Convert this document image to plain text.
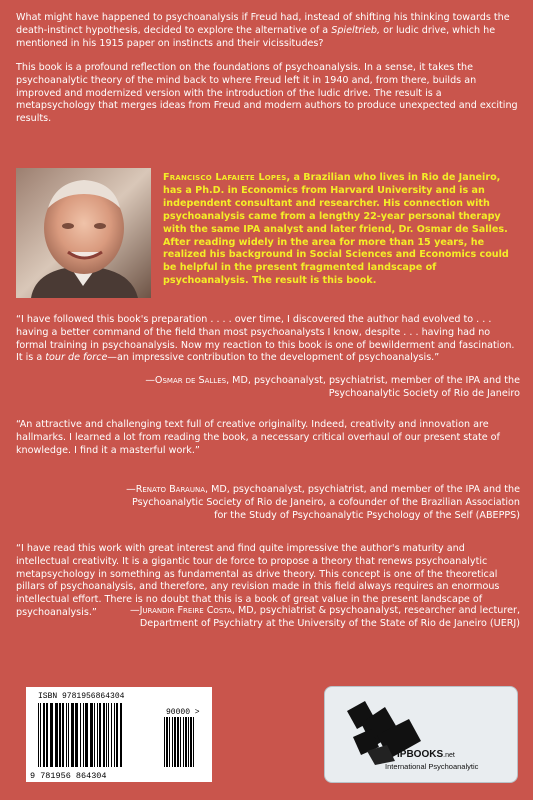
What might have happened to psychoanalysis if Freud had, instead of shifting his thinking towards the death-instinct hypothesis, decided to explore the alternative of a Spieltrieb, or ludic drive, which he mentioned in his 1915 paper on instincts and their vicissitudes?

This book is a profound reflection on the foundations of psychoanalysis. In a sense, it takes the psychoanalytic theory of the mind back to where Freud left it in 1940 and, from there, builds an improved and modernized version with the introduction of the ludic drive. The result is a metapsychology that merges ideas from Freud and modern authors to produce unexpected and exciting results.

Francisco Lafaiete Lopes, a Brazilian who lives in Rio de Janeiro, has a Ph.D. in Economics from Harvard University and is an independent consultant and researcher. His connection with psychoanalysis came from a lengthy 22-year personal therapy with the same IPA analyst and later friend, Dr. Osmar de Salles. After reading widely in the area for more than 15 years, he realized his background in Social Sciences and Economics could be helpful in the present fragmented landscape of psychoanalysis. The result is this book.

“I have followed this book's preparation . . . . over time, I discovered the author had evolved to . . . having a better command of the field than most psychoanalysts I know, despite . . . having had no formal training in psychoanalysis. Now my reaction to this book is one of bewilderment and fascination. It is a tour de force—an impressive contribution to the development of psychoanalysis.”

—Osmar de Salles, MD, psychoanalyst, psychiatrist, member of the IPA and the Psychoanalytic Society of Rio de Janeiro

“An attractive and challenging text full of creative originality. Indeed, creativity and innovation are hallmarks. I learned a lot from reading the book, a necessary critical overhaul of our present state of knowledge. I find it a masterful work.”

—Renato Barauna, MD, psychoanalyst, psychiatrist, and member of the IPA and the Psychoanalytic Society of Rio de Janeiro, a cofounder of the Brazilian Association for the Study of Psychoanalytic Psychology of the Self (ABEPPS)

“I have read this work with great interest and find quite impressive the author's maturity and intellectual creativity. It is a gigantic tour de force to propose a theory that renews psychoanalytic metapsychology in something as fundamental as drive theory. This concept is one of the theoretical pillars of psychoanalysis, and therefore, any revision made in this field always requires an enormous intellectual effort. There is no doubt that this is a book of great value in the present landscape of psychoanalysis.”	—Jurandir Freire Costa, MD, psychiatrist & psychoanalyst, researcher and lecturer, Department of Psychiatry at the University of the State of Rio de Janeiro (UERJ)

ISBN 9781956864304
90000 >
9 781956 864304
IPBOOKS.net
International Psychoanalytic
